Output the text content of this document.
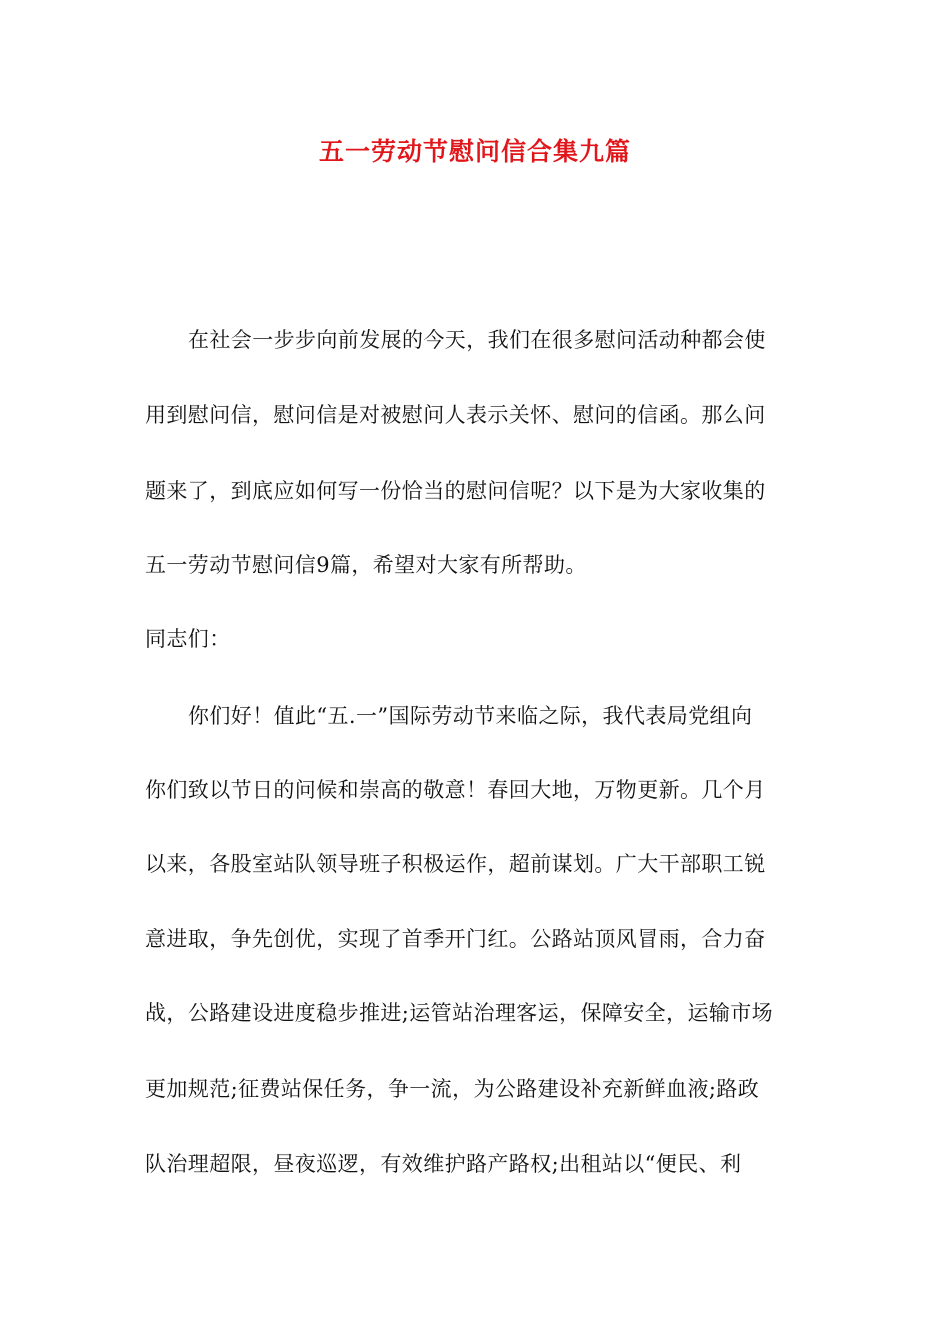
五一劳动节慰问信合集九篇
在社会一步步向前发展的今天，我们在很多慰问活动种都会使
用到慰问信，慰问信是对被慰问人表示关怀、慰问的信函。那么问
题来了，到底应如何写一份恰当的慰问信呢？以下是为大家收集的
五一劳动节慰问信9篇，希望对大家有所帮助。
同志们：
你们好！值此“五.一”国际劳动节来临之际，我代表局党组向
你们致以节日的问候和崇高的敬意！春回大地，万物更新。几个月
以来，各股室站队领导班子积极运作，超前谋划。广大干部职工锐
意进取，争先创优，实现了首季开门红。公路站顶风冒雨，合力奋
战，公路建设进度稳步推进;运管站治理客运，保障安全，运输市场
更加规范;征费站保任务，争一流，为公路建设补充新鲜血液;路政
队治理超限，昼夜巡逻，有效维护路产路权;出租站以“便民、利
